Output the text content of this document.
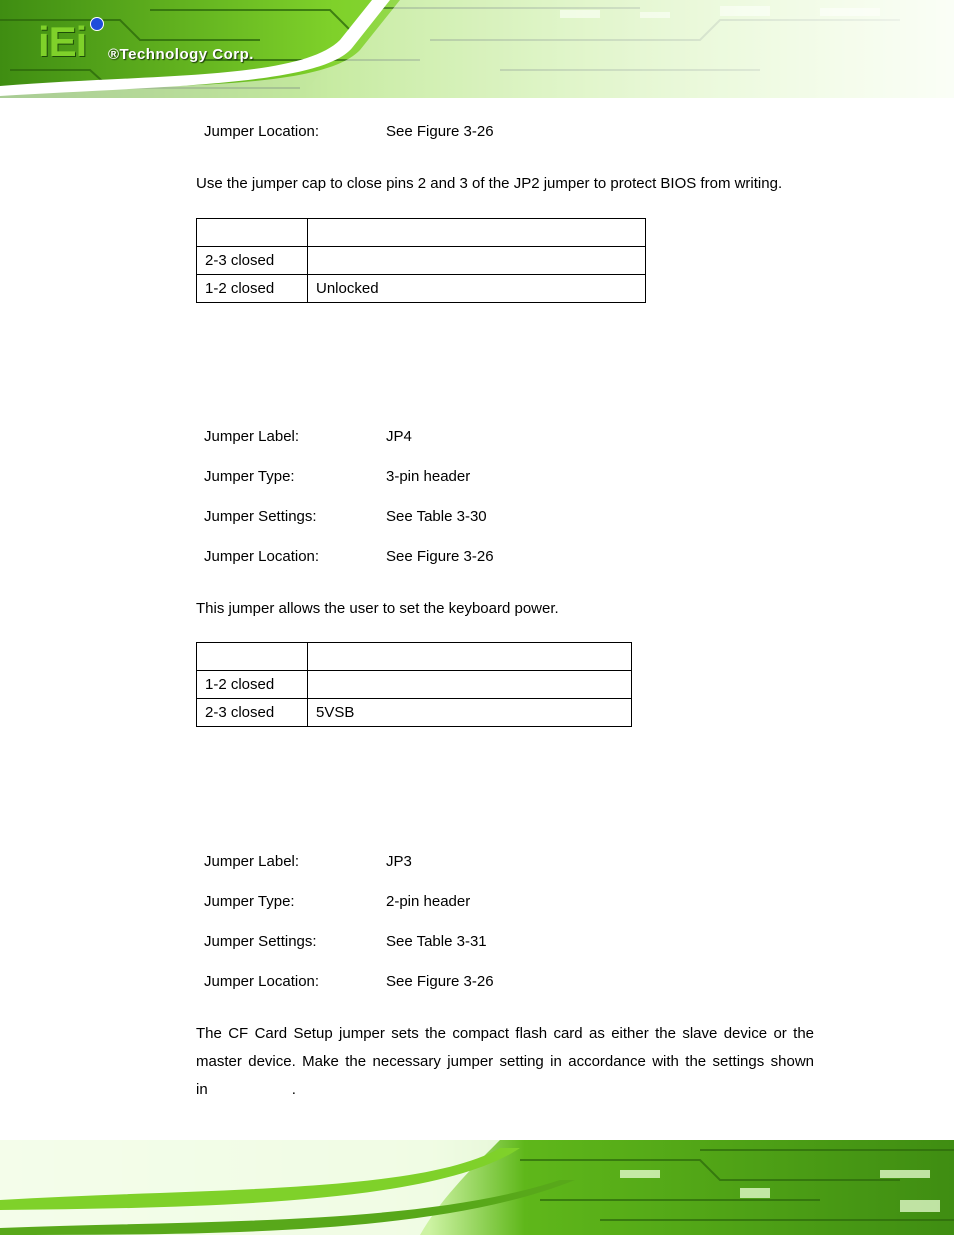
iEi ®Technology Corp.
Jumper Location:	See Figure 3-26
Use the jumper cap to close pins 2 and 3 of the JP2 jumper to protect BIOS from writing.

2-3 closed	
1-2 closed	Unlocked
Jumper Label:	JP4
Jumper Type:	3-pin header
Jumper Settings:	See Table 3-30
Jumper Location:	See Figure 3-26
This jumper allows the user to set the keyboard power.

1-2 closed	
2-3 closed	5VSB
Jumper Label:	JP3
Jumper Type:	2-pin header
Jumper Settings:	See Table 3-31
Jumper Location:	See Figure 3-26
The CF Card Setup jumper sets the compact flash card as either the slave device or the
master device. Make the necessary jumper setting in accordance with the settings shown
in	.
